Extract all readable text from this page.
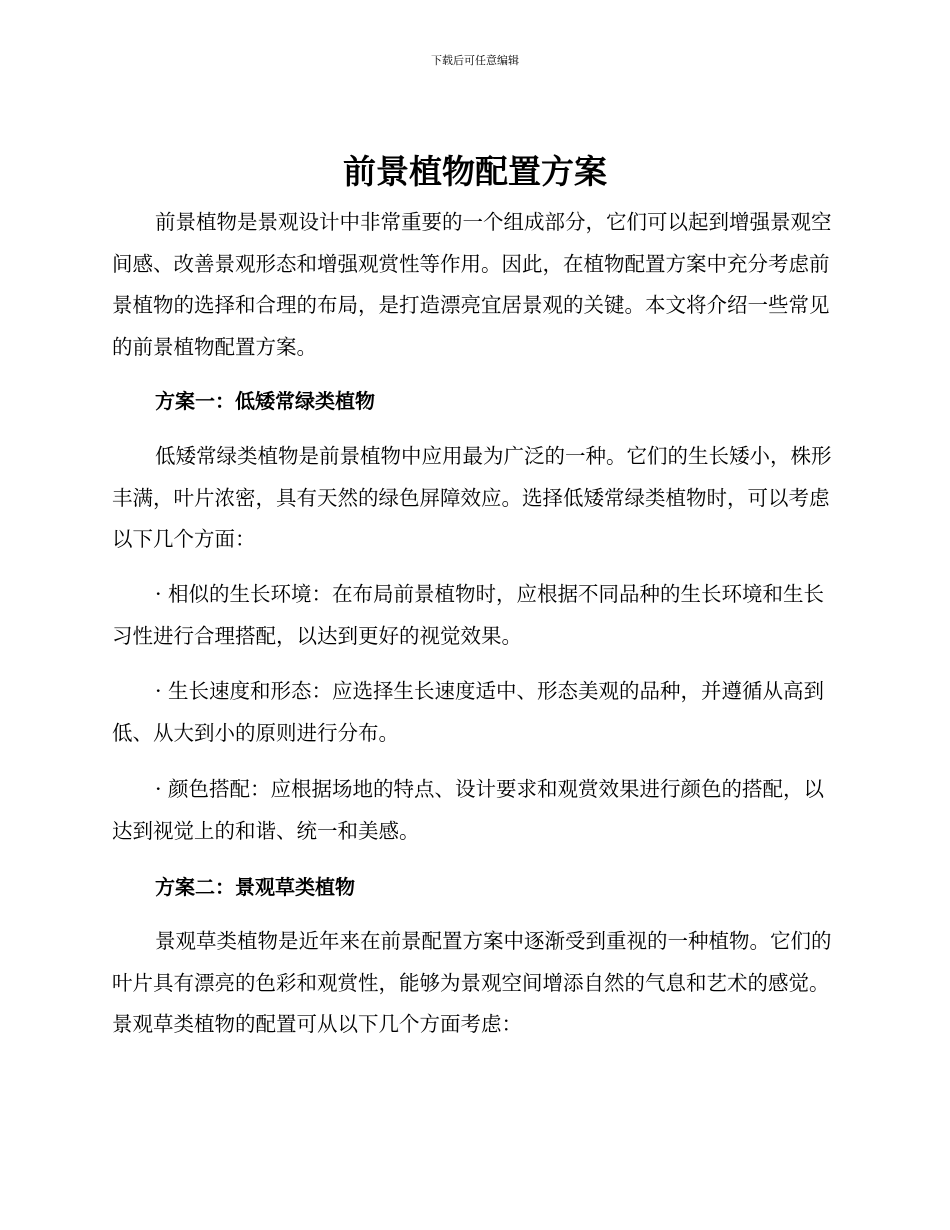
下载后可任意编辑
前景植物配置方案

前景植物是景观设计中非常重要的一个组成部分，它们可以起到增强景观空间感、改善景观形态和增强观赏性等作用。因此，在植物配置方案中充分考虑前景植物的选择和合理的布局，是打造漂亮宜居景观的关键。本文将介绍一些常见的前景植物配置方案。

方案一：低矮常绿类植物

低矮常绿类植物是前景植物中应用最为广泛的一种。它们的生长矮小，株形丰满，叶片浓密，具有天然的绿色屏障效应。选择低矮常绿类植物时，可以考虑以下几个方面：

· 相似的生长环境：在布局前景植物时，应根据不同品种的生长环境和生长习性进行合理搭配，以达到更好的视觉效果。

· 生长速度和形态：应选择生长速度适中、形态美观的品种，并遵循从高到低、从大到小的原则进行分布。

· 颜色搭配：应根据场地的特点、设计要求和观赏效果进行颜色的搭配，以达到视觉上的和谐、统一和美感。

方案二：景观草类植物

景观草类植物是近年来在前景配置方案中逐渐受到重视的一种植物。它们的叶片具有漂亮的色彩和观赏性，能够为景观空间增添自然的气息和艺术的感觉。景观草类植物的配置可从以下几个方面考虑：
